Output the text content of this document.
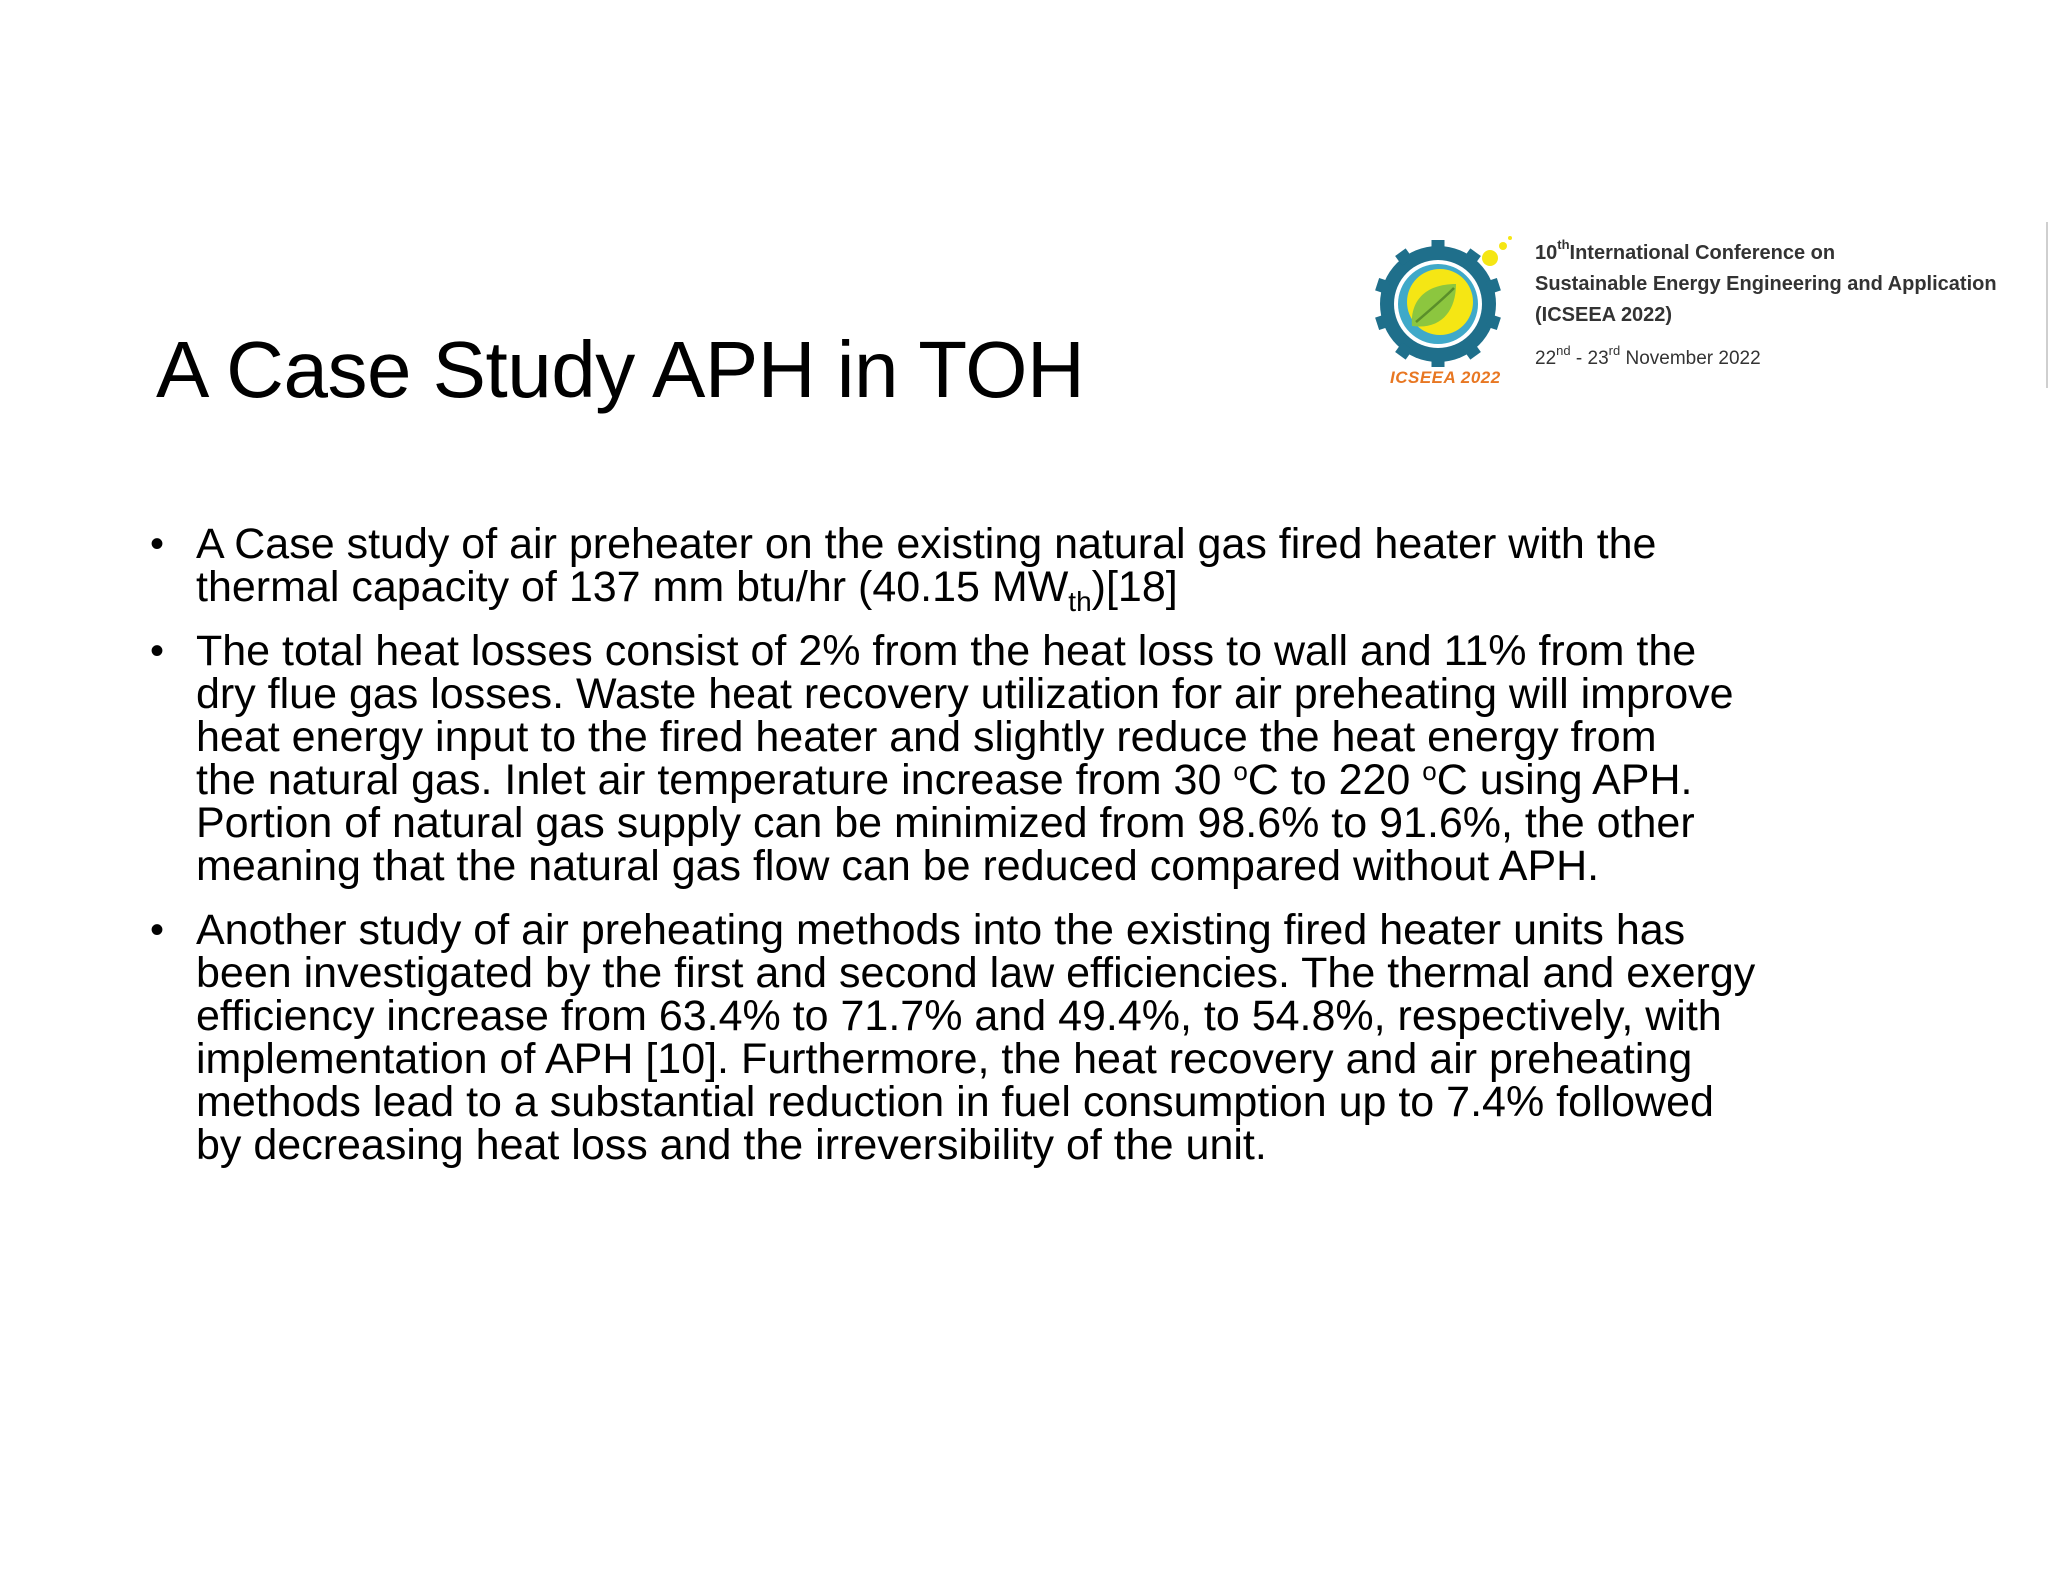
A Case Study APH in TOH	ICSEEA 2022
10thInternational Conference on
Sustainable Energy Engineering and Application
(ICSEEA 2022)
22nd - 23rd November 2022
• A Case study of air preheater on the existing natural gas fired heater with the
thermal capacity of 137 mm btu/hr (40.15 $MW_{th})[18]$
• The total heat losses consist of 2% from the heat loss to wall and 11% from the
dry flue gas losses. Waste heat recovery utilization for air preheating will improve
heat energy input to the fired heater and slightly reduce the heat energy from
the natural gas. Inlet air temperature increase from 30 $^o$C to 220 $^o$C using APH.
Portion of natural gas supply can be minimized from 98.6% to 91.6%, the other
meaning that the natural gas flow can be reduced compared without APH.
• Another study of air preheating methods into the existing fired heater units has
been investigated by the first and second law efficiencies. The thermal and exergy
efficiency increase from 63.4% to 71.7% and 49.4%, to 54.8%, respectively, with
implementation of APH [10]. Furthermore, the heat recovery and air preheating
methods lead to a substantial reduction in fuel consumption up to 7.4% followed
by decreasing heat loss and the irreversibility of the unit.
